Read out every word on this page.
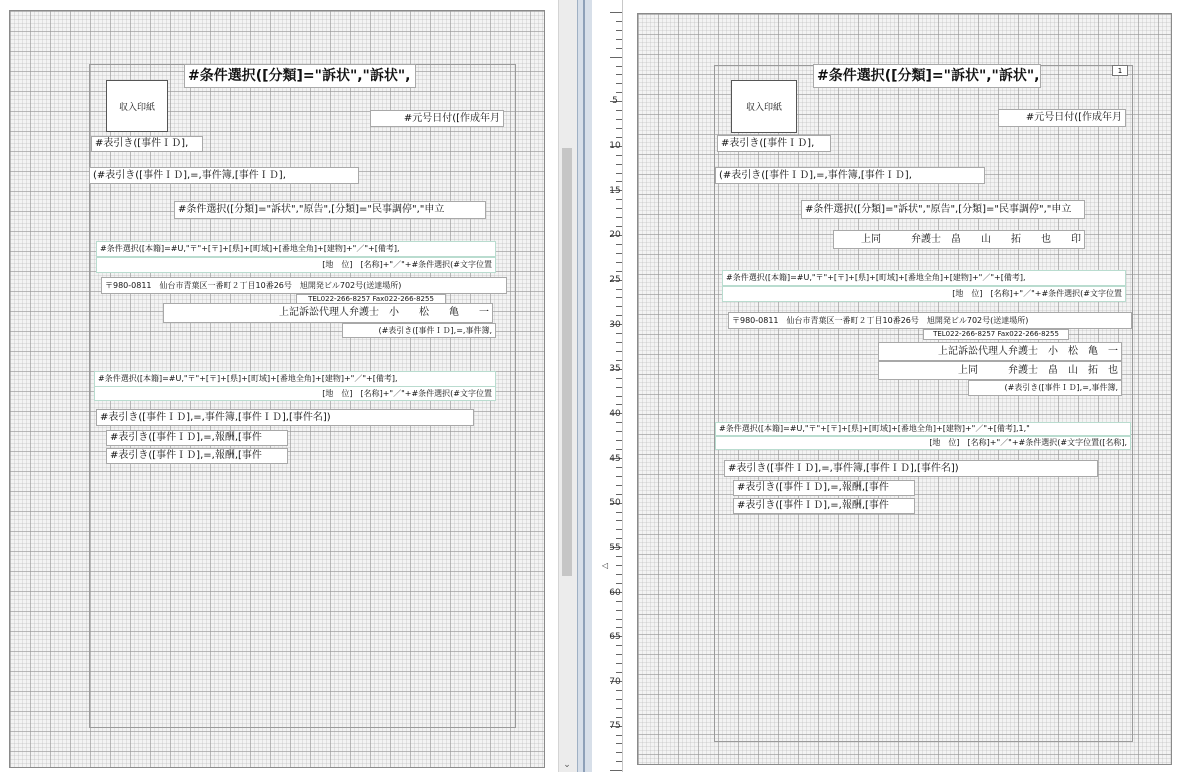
収入印紙
#条件選択([分類]="訴状","訴状",
#元号日付([作成年月
#表引き([事件ＩＤ],
(#表引き([事件ＩＤ],=,事件簿,[事件ＩＤ],
#条件選択([分類]="訴状","原告",[分類]="民事調停","申立
#条件選択([本籍]=#U,"〒"+[〒]+[県]+[町域]+[番地全角]+[建物]+"／"+[備考],
[地　位]　[名称]+"／"+#条件選択(#文字位置
〒980-0811　仙台市青葉区一番町２丁目10番26号　旭開発ビル702号(送達場所)
TEL022-266-8257 Fax022-266-8255
上記訴訟代理人弁護士　小　　松　　亀　　一
(#表引き([事件ＩＤ],=,事件簿,
#条件選択([本籍]=#U,"〒"+[〒]+[県]+[町域]+[番地全角]+[建物]+"／"+[備考],
[地　位]　[名称]+"／"+#条件選択(#文字位置
#表引き([事件ＩＤ],=,事件簿,[事件ＩＤ],[事件名])
#表引き([事件ＩＤ],=,報酬,[事件
#表引き([事件ＩＤ],=,報酬,[事件
⌄
5
10
15
20
25
30
35
40
45
50
55
60
65
70
75
◁
1
収入印紙
#条件選択([分類]="訴状","訴状",
#元号日付([作成年月
#表引き([事件ＩＤ],
(#表引き([事件ＩＤ],=,事件簿,[事件ＩＤ],
#条件選択([分類]="訴状","原告",[分類]="民事調停","申立
上同　　　弁護士　畠　　山　　拓　　也　　印
#条件選択([本籍]=#U,"〒"+[〒]+[県]+[町域]+[番地全角]+[建物]+"／"+[備考],
[地　位]　[名称]+"／"+#条件選択(#文字位置
〒980-0811　仙台市青葉区一番町２丁目10番26号　旭開発ビル702号(送達場所)
TEL022-266-8257 Fax022-266-8255
上記訴訟代理人弁護士　小　松　亀　一
上同　　　弁護士　畠　山　拓　也
(#表引き([事件ＩＤ],=,事件簿,
#条件選択([本籍]=#U,"〒"+[〒]+[県]+[町域]+[番地全角]+[建物]+"／"+[備考],1,"
[地　位]　[名称]+"／"+#条件選択(#文字位置([名称],
#表引き([事件ＩＤ],=,事件簿,[事件ＩＤ],[事件名])
#表引き([事件ＩＤ],=,報酬,[事件
#表引き([事件ＩＤ],=,報酬,[事件
